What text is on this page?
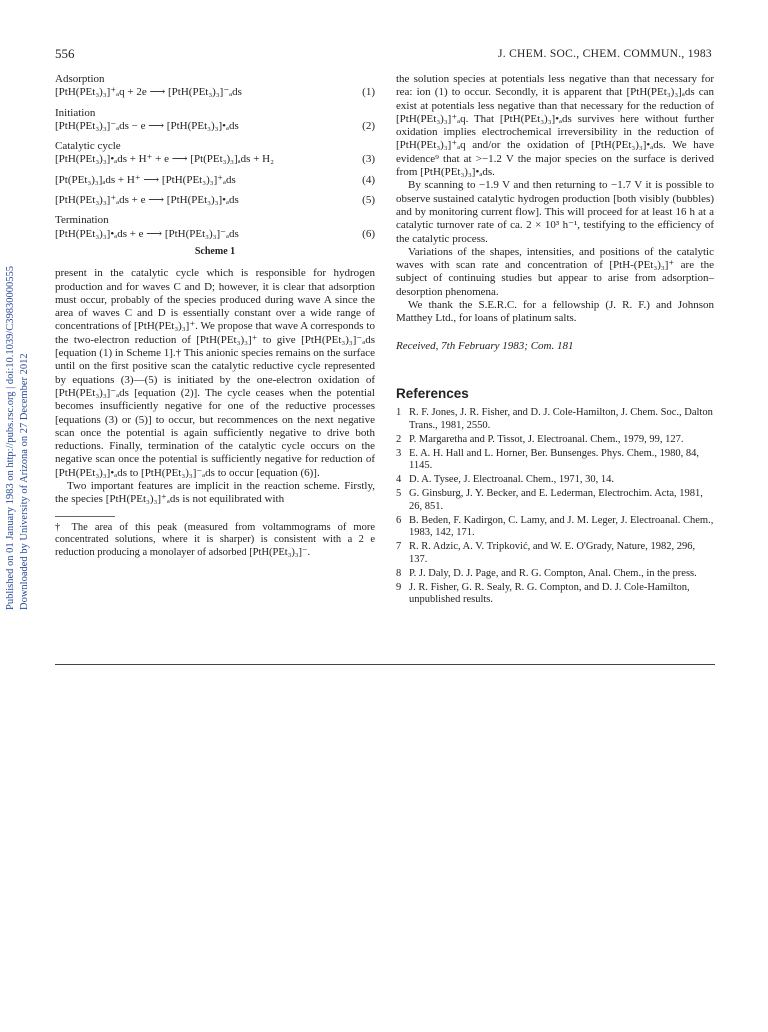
Published on 01 January 1983 on http://pubs.rsc.org | doi:10.1039/C39830000555 Downloaded by University of Arizona on 27 December 2012
556	J. CHEM. SOC., CHEM. COMMUN., 1983
Adsorption
[PtH(PEt₃)₃]⁺ₐq + 2e ⟶ [PtH(PEt₃)₃]⁻ₐds	(1)
Initiation
[PtH(PEt₃)₃]⁻ₐds − e ⟶ [PtH(PEt₃)₃]•ₐds	(2)
Catalytic cycle
[PtH(PEt₃)₃]•ₐds + H⁺ + e ⟶ [Pt(PEt₃)₃]ₐds + H₂	(3)
[Pt(PEt₃)₃]ₐds + H⁺ ⟶ [PtH(PEt₃)₃]⁺ₐds	(4)
[PtH(PEt₃)₃]⁺ₐds + e ⟶ [PtH(PEt₃)₃]•ₐds	(5)
Termination
[PtH(PEt₃)₃]•ₐds + e ⟶ [PtH(PEt₃)₃]⁻ₐds	(6)
Scheme 1

present in the catalytic cycle which is responsible for hydrogen production and for waves C and D; however, it is clear that adsorption must occur, probably of the species produced during wave A since the area of waves C and D is essentially constant over a wide range of concentrations of [PtH(PEt₃)₃]⁺. We propose that wave A corresponds to the two-electron reduction of [PtH(PEt₃)₃]⁺ to give [PtH(PEt₃)₃]⁻ₐds [equation (1) in Scheme 1].† This anionic species remains on the surface until on the first positive scan the catalytic reductive cycle represented by equations (3)—(5) is initiated by the one-electron oxidation of [PtH(PEt₃)₃]⁻ₐds [equation (2)]. The cycle ceases when the potential becomes insufficiently negative for one of the reductive processes [equations (3) or (5)] to occur, but recommences on the next negative scan once the potential is again sufficiently negative to drive both reductions. Finally, termination of the catalytic cycle occurs on the negative scan once the potential is sufficiently negative for reduction of [PtH(PEt₃)₃]•ₐds to [PtH(PEt₃)₃]⁻ₐds to occur [equation (6)].

Two important features are implicit in the reaction scheme. Firstly, the species [PtH(PEt₃)₃]⁺ₐds is not equilibrated with

† The area of this peak (measured from voltammograms of more concentrated solutions, where it is sharper) is consistent with a 2 e reduction producing a monolayer of adsorbed [PtH(PEt₃)₃]⁻.

the solution species at potentials less negative than that necessary for rea: ion (1) to occur. Secondly, it is apparent that [PtH(PEt₃)₃]ₐds can exist at potentials less negative than that necessary for the reduction of [PtH(PEt₃)₃]⁺ₐq. That [PtH(PEt₃)₃]•ₐds survives here without further oxidation implies electrochemical irreversibility in the reduction of [PtH(PEt₃)₃]⁺ₐq and/or the oxidation of [PtH(PEt₃)₃]•ₐds. We have evidence⁹ that at >−1.2 V the major species on the surface is derived from [PtH(PEt₃)₃]•ₐds.

By scanning to −1.9 V and then returning to −1.7 V it is possible to observe sustained catalytic hydrogen production [both visibly (bubbles) and by monitoring current flow]. This will proceed for at least 16 h at a catalytic turnover rate of ca. 2 × 10³ h⁻¹, testifying to the efficiency of the catalytic process.

Variations of the shapes, intensities, and positions of the catalytic waves with scan rate and concentration of [PtH-(PEt₃)₃]⁺ are the subject of continuing studies but appear to arise from adsorption–desorption phenomena.

We thank the S.E.R.C. for a fellowship (J. R. F.) and Johnson Matthey Ltd., for loans of platinum salts.

Received, 7th February 1983; Com. 181
References
1 R. F. Jones, J. R. Fisher, and D. J. Cole-Hamilton, J. Chem. Soc., Dalton Trans., 1981, 2550.
2 P. Margaretha and P. Tissot, J. Electroanal. Chem., 1979, 99, 127.
3 E. A. H. Hall and L. Horner, Ber. Bunsenges. Phys. Chem., 1980, 84, 1145.
4 D. A. Tysee, J. Electroanal. Chem., 1971, 30, 14.
5 G. Ginsburg, J. Y. Becker, and E. Lederman, Electrochim. Acta, 1981, 26, 851.
6 B. Beden, F. Kadirgon, C. Lamy, and J. M. Leger, J. Electroanal. Chem., 1983, 142, 171.
7 R. R. Adzic, A. V. Tripković, and W. E. O'Grady, Nature, 1982, 296, 137.
8 P. J. Daly, D. J. Page, and R. G. Compton, Anal. Chem., in the press.
9 J. R. Fisher, G. R. Sealy, R. G. Compton, and D. J. Cole-Hamilton, unpublished results.
